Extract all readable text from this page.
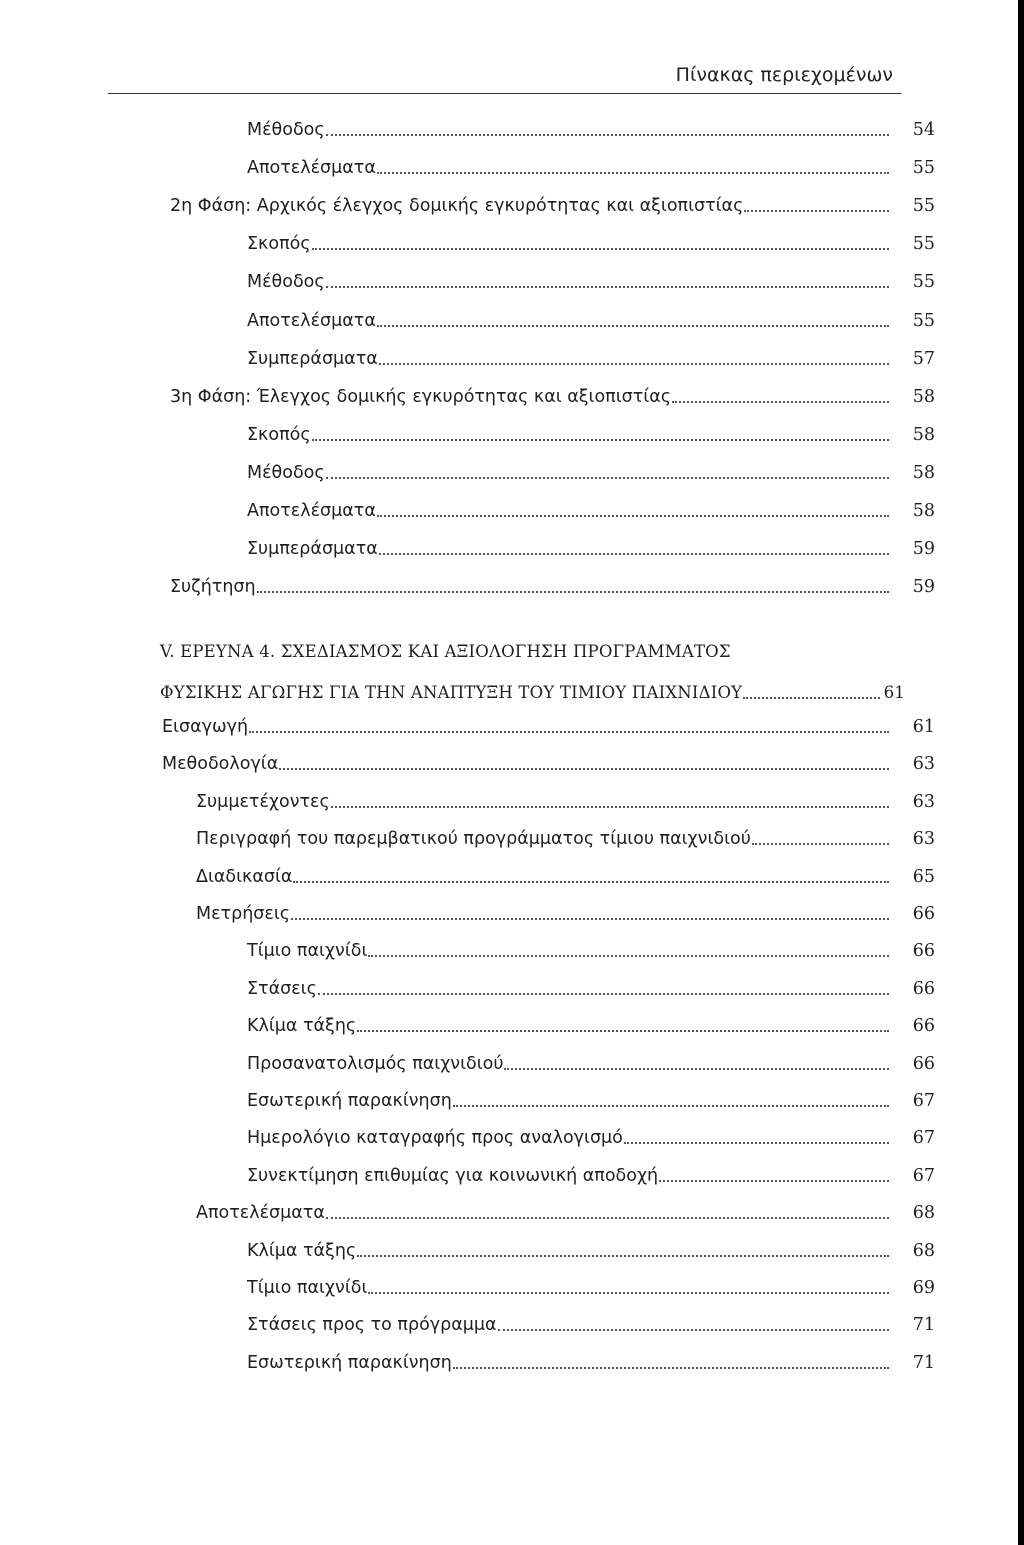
Πίνακας περιεχομένων
Μέθοδος	54
Αποτελέσματα	55
2η Φάση: Αρχικός έλεγχος δομικής εγκυρότητας και αξιοπιστίας	55
Σκοπός	55
Μέθοδος	55
Αποτελέσματα	55
Συμπεράσματα	57
3η Φάση: Έλεγχος δομικής εγκυρότητας και αξιοπιστίας	58
Σκοπός	58
Μέθοδος	58
Αποτελέσματα	58
Συμπεράσματα	59
Συζήτηση	59
V. ΕΡΕΥΝΑ 4. ΣΧΕΔΙΑΣΜΟΣ ΚΑΙ ΑΞΙΟΛΟΓΗΣΗ ΠΡΟΓΡΑΜΜΑΤΟΣ
ΦΥΣΙΚΗΣ ΑΓΩΓΗΣ ΓΙΑ ΤΗΝ ΑΝΑΠΤΥΞΗ ΤΟΥ ΤΙΜΙΟΥ ΠΑΙΧΝΙΔΙΟΥ	61
Εισαγωγή	61
Μεθοδολογία	63
Συμμετέχοντες	63
Περιγραφή του παρεμβατικού προγράμματος τίμιου παιχνιδιού	63
Διαδικασία	65
Μετρήσεις	66
Τίμιο παιχνίδι	66
Στάσεις	66
Κλίμα τάξης	66
Προσανατολισμός παιχνιδιού	66
Εσωτερική παρακίνηση	67
Ημερολόγιο καταγραφής προς αναλογισμό	67
Συνεκτίμηση επιθυμίας για κοινωνική αποδοχή	67
Αποτελέσματα	68
Κλίμα τάξης	68
Τίμιο παιχνίδι	69
Στάσεις προς το πρόγραμμα	71
Εσωτερική παρακίνηση	71
